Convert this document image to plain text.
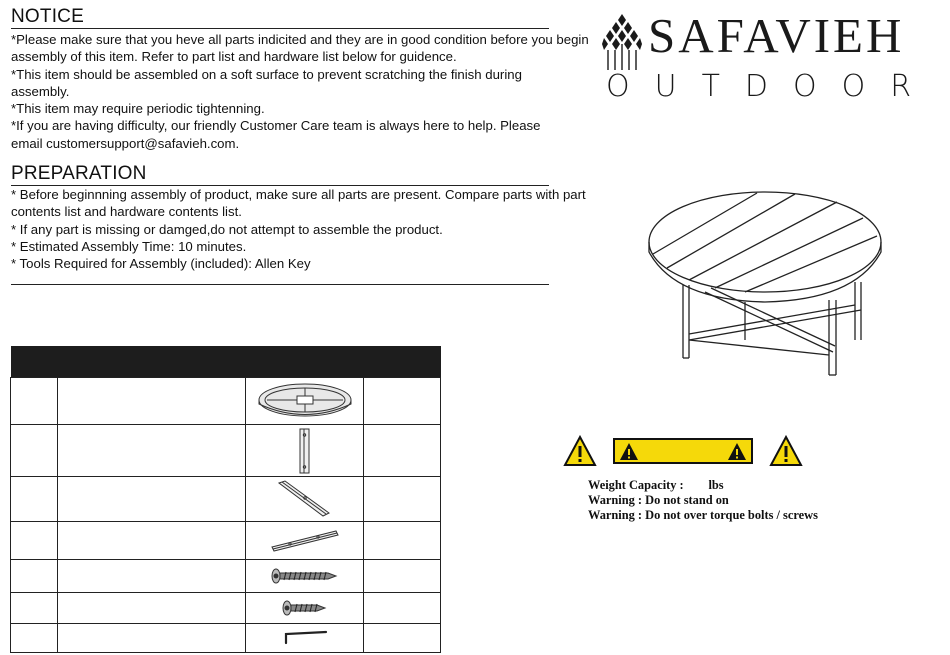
NOTICE

*Please make sure that you heve all parts indicited and they are in good condition before you begin assembly of this item. Refer to part list and hardware list below for guidence.

*This item should be assembled on a soft surface to prevent scratching the finish during assembly.

*This item may require periodic tightenning.

*If you are having difficulty, our friendly Customer Care team is always here to help. Please email customersupport@safavieh.com.

PREPARATION

* Before beginnning assembly of product, make sure all parts are present. Compare parts with part contents list and hardware contents list.

* If any part is missing or damged,do not attempt to assemble the product.

* Estimated Assembly Time: 10 minutes.

* Tools Required for Assembly (included): Allen Key

SAFAVIEH
OUTDOOR

Weight Capacity : lbs

Warning : Do not stand on

Warning : Do not over torque bolts / screws
